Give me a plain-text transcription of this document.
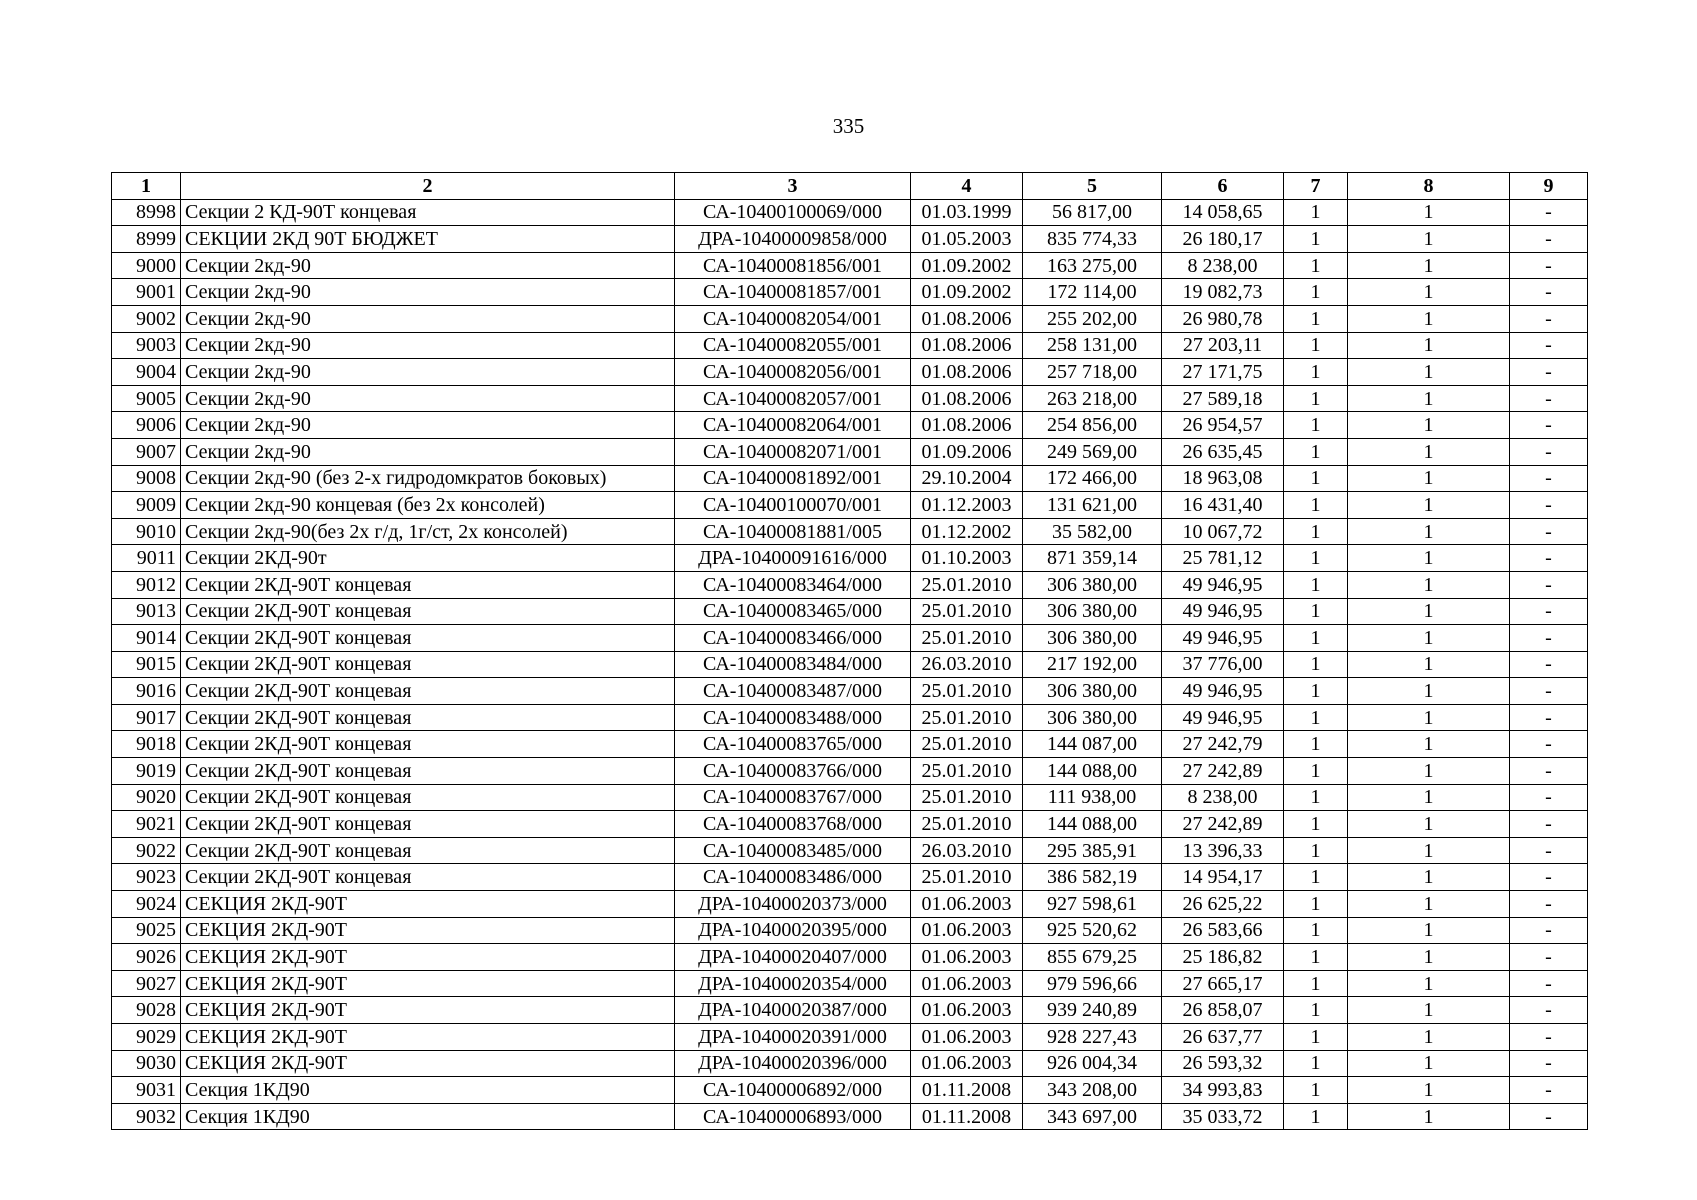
335
1	2	3	4	5	6	7	8	9
8998	Секции 2 КД-90Т концевая	СА-10400100069/000	01.03.1999	56 817,00	14 058,65	1	1	-
8999	СЕКЦИИ 2КД 90Т БЮДЖЕТ	ДРА-10400009858/000	01.05.2003	835 774,33	26 180,17	1	1	-
9000	Секции 2кд-90	СА-10400081856/001	01.09.2002	163 275,00	8 238,00	1	1	-
9001	Секции 2кд-90	СА-10400081857/001	01.09.2002	172 114,00	19 082,73	1	1	-
9002	Секции 2кд-90	СА-10400082054/001	01.08.2006	255 202,00	26 980,78	1	1	-
9003	Секции 2кд-90	СА-10400082055/001	01.08.2006	258 131,00	27 203,11	1	1	-
9004	Секции 2кд-90	СА-10400082056/001	01.08.2006	257 718,00	27 171,75	1	1	-
9005	Секции 2кд-90	СА-10400082057/001	01.08.2006	263 218,00	27 589,18	1	1	-
9006	Секции 2кд-90	СА-10400082064/001	01.08.2006	254 856,00	26 954,57	1	1	-
9007	Секции 2кд-90	СА-10400082071/001	01.09.2006	249 569,00	26 635,45	1	1	-
9008	Секции 2кд-90 (без 2-х гидродомкратов боковых)	СА-10400081892/001	29.10.2004	172 466,00	18 963,08	1	1	-
9009	Секции 2кд-90 концевая (без 2х консолей)	СА-10400100070/001	01.12.2003	131 621,00	16 431,40	1	1	-
9010	Секции 2кд-90(без 2х г/д, 1г/ст, 2х консолей)	СА-10400081881/005	01.12.2002	35 582,00	10 067,72	1	1	-
9011	Секции 2КД-90т	ДРА-10400091616/000	01.10.2003	871 359,14	25 781,12	1	1	-
9012	Секции 2КД-90Т концевая	СА-10400083464/000	25.01.2010	306 380,00	49 946,95	1	1	-
9013	Секции 2КД-90Т концевая	СА-10400083465/000	25.01.2010	306 380,00	49 946,95	1	1	-
9014	Секции 2КД-90Т концевая	СА-10400083466/000	25.01.2010	306 380,00	49 946,95	1	1	-
9015	Секции 2КД-90Т концевая	СА-10400083484/000	26.03.2010	217 192,00	37 776,00	1	1	-
9016	Секции 2КД-90Т концевая	СА-10400083487/000	25.01.2010	306 380,00	49 946,95	1	1	-
9017	Секции 2КД-90Т концевая	СА-10400083488/000	25.01.2010	306 380,00	49 946,95	1	1	-
9018	Секции 2КД-90Т концевая	СА-10400083765/000	25.01.2010	144 087,00	27 242,79	1	1	-
9019	Секции 2КД-90Т концевая	СА-10400083766/000	25.01.2010	144 088,00	27 242,89	1	1	-
9020	Секции 2КД-90Т концевая	СА-10400083767/000	25.01.2010	111 938,00	8 238,00	1	1	-
9021	Секции 2КД-90Т концевая	СА-10400083768/000	25.01.2010	144 088,00	27 242,89	1	1	-
9022	Секции 2КД-90Т концевая	СА-10400083485/000	26.03.2010	295 385,91	13 396,33	1	1	-
9023	Секции 2КД-90Т концевая	СА-10400083486/000	25.01.2010	386 582,19	14 954,17	1	1	-
9024	СЕКЦИЯ 2КД-90Т	ДРА-10400020373/000	01.06.2003	927 598,61	26 625,22	1	1	-
9025	СЕКЦИЯ 2КД-90Т	ДРА-10400020395/000	01.06.2003	925 520,62	26 583,66	1	1	-
9026	СЕКЦИЯ 2КД-90Т	ДРА-10400020407/000	01.06.2003	855 679,25	25 186,82	1	1	-
9027	СЕКЦИЯ 2КД-90Т	ДРА-10400020354/000	01.06.2003	979 596,66	27 665,17	1	1	-
9028	СЕКЦИЯ 2КД-90Т	ДРА-10400020387/000	01.06.2003	939 240,89	26 858,07	1	1	-
9029	СЕКЦИЯ 2КД-90Т	ДРА-10400020391/000	01.06.2003	928 227,43	26 637,77	1	1	-
9030	СЕКЦИЯ 2КД-90Т	ДРА-10400020396/000	01.06.2003	926 004,34	26 593,32	1	1	-
9031	Секция 1КД90	СА-10400006892/000	01.11.2008	343 208,00	34 993,83	1	1	-
9032	Секция 1КД90	СА-10400006893/000	01.11.2008	343 697,00	35 033,72	1	1	-
